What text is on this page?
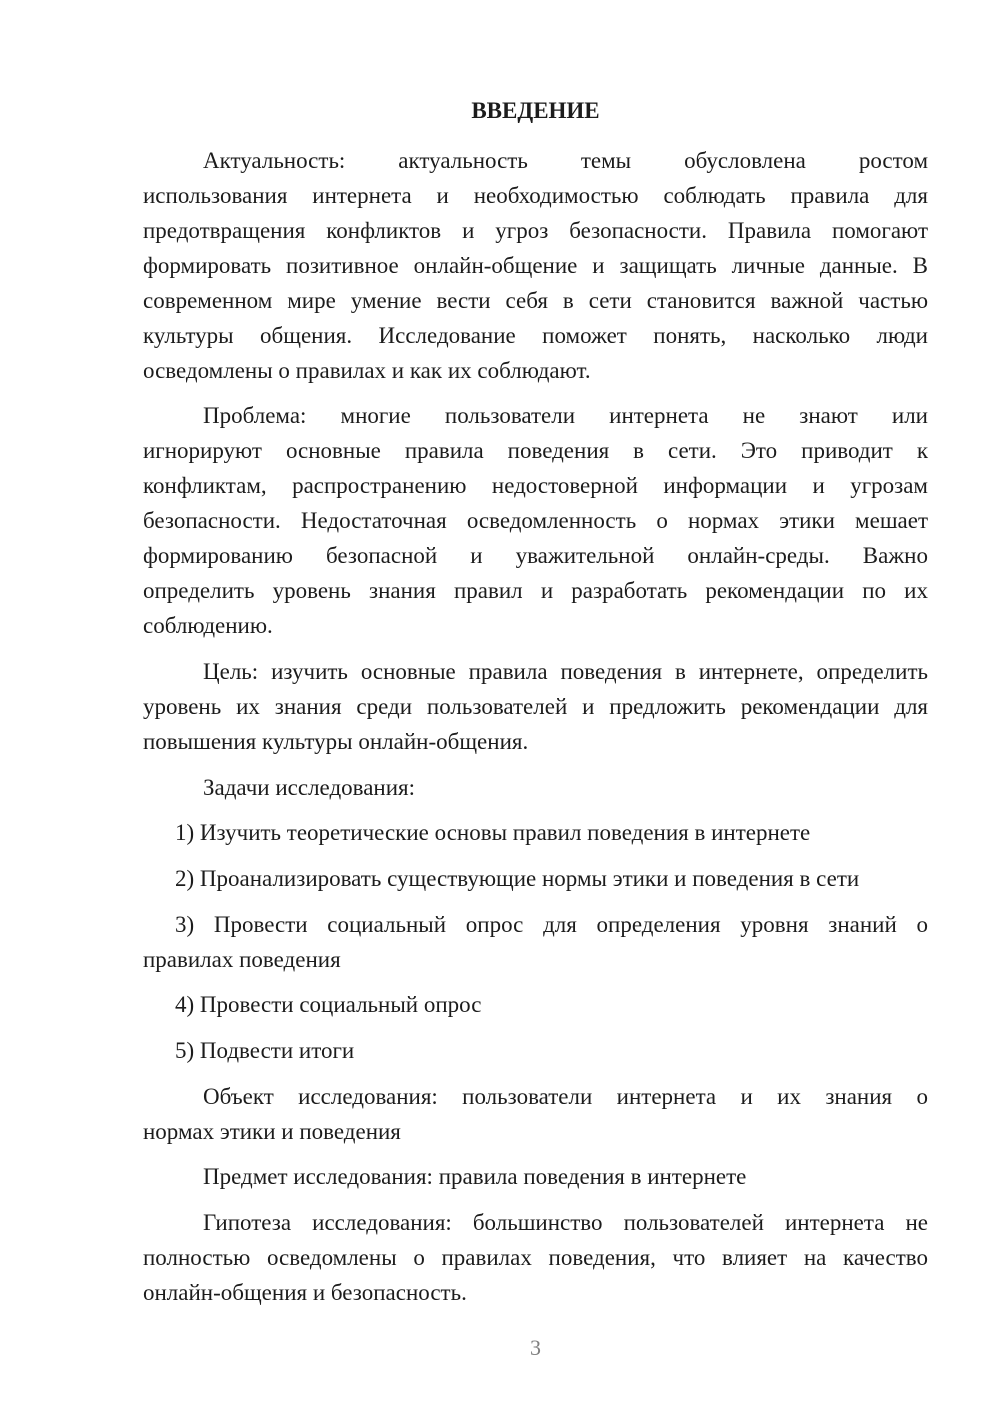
ВВЕДЕНИЕ
Актуальность: актуальность темы обусловлена ростом
использования интернета и необходимостью соблюдать правила для
предотвращения конфликтов и угроз безопасности. Правила помогают
формировать позитивное онлайн-общение и защищать личные данные. В
современном мире умение вести себя в сети становится важной частью
культуры общения. Исследование поможет понять, насколько люди
осведомлены о правилах и как их соблюдают.
Проблема: многие пользователи интернета не знают или
игнорируют основные правила поведения в сети. Это приводит к
конфликтам, распространению недостоверной информации и угрозам
безопасности. Недостаточная осведомленность о нормах этики мешает
формированию безопасной и уважительной онлайн-среды. Важно
определить уровень знания правил и разработать рекомендации по их
соблюдению.
Цель: изучить основные правила поведения в интернете, определить
уровень их знания среди пользователей и предложить рекомендации для
повышения культуры онлайн-общения.
Задачи исследования:
1) Изучить теоретические основы правил поведения в интернете
2) Проанализировать существующие нормы этики и поведения в сети
3) Провести социальный опрос для определения уровня знаний о
правилах поведения
4) Провести социальный опрос
5) Подвести итоги
Объект исследования: пользователи интернета и их знания о
нормах этики и поведения
Предмет исследования: правила поведения в интернете
Гипотеза исследования: большинство пользователей интернета не
полностью осведомлены о правилах поведения, что влияет на качество
онлайн-общения и безопасность.
3
